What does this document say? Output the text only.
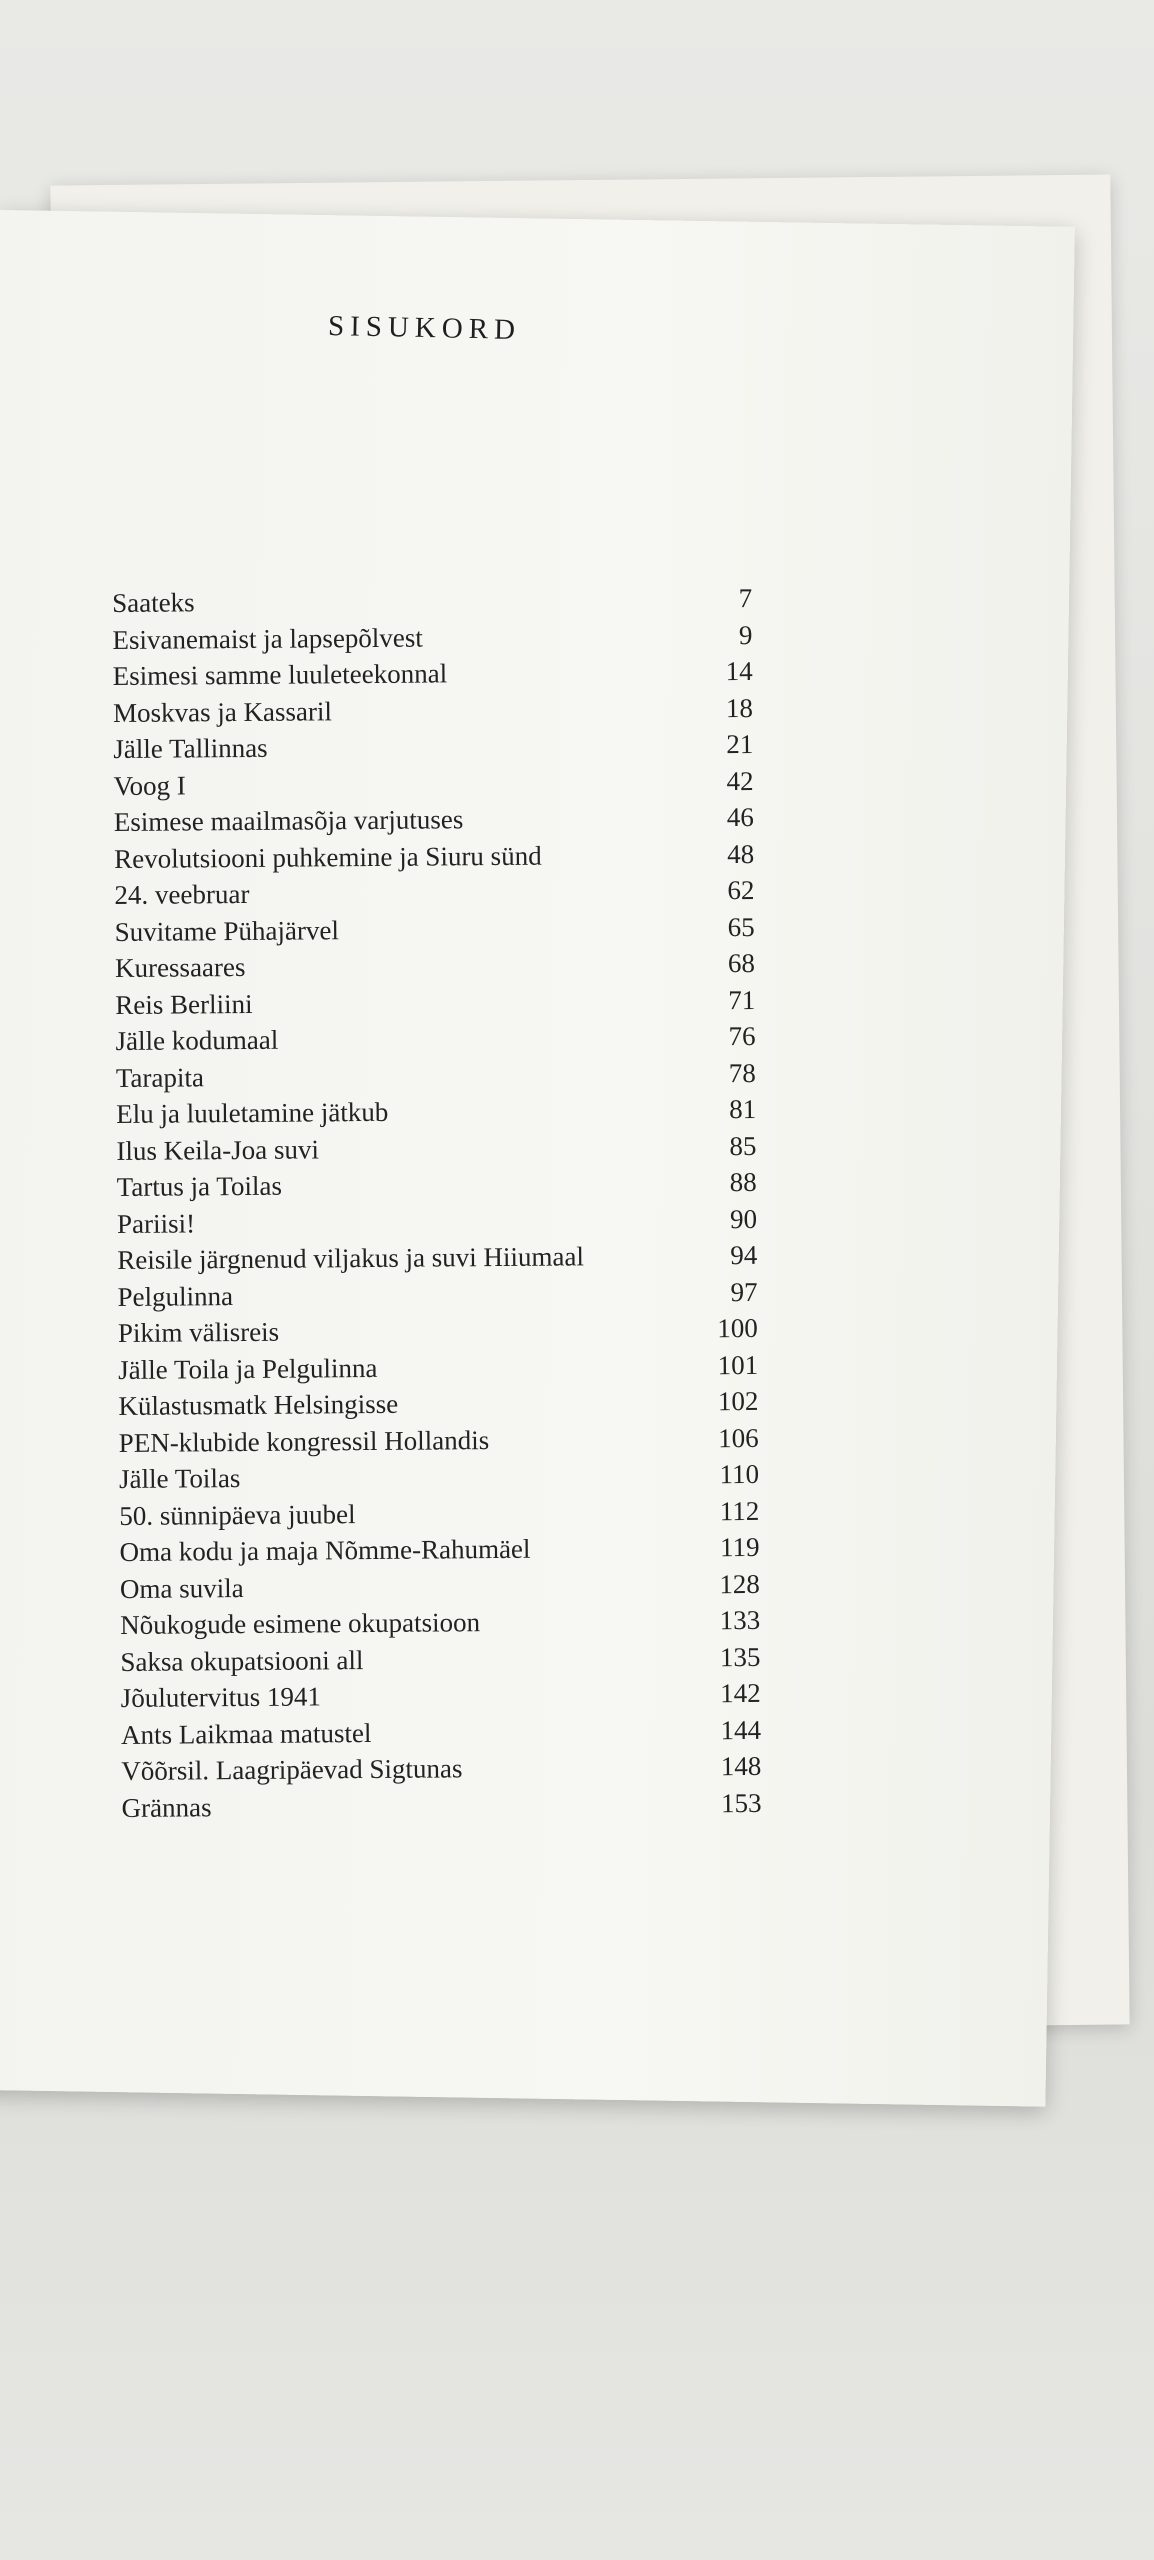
SISUKORD
Saateks	7
Esivanemaist ja lapsepõlvest	9
Esimesi samme luuleteekonnal	14
Moskvas ja Kassaril	18
Jälle Tallinnas	21
Voog I	42
Esimese maailmasõja varjutuses	46
Revolutsiooni puhkemine ja Siuru sünd	48
24. veebruar	62
Suvitame Pühajärvel	65
Kuressaares	68
Reis Berliini	71
Jälle kodumaal	76
Tarapita	78
Elu ja luuletamine jätkub	81
Ilus Keila-Joa suvi	85
Tartus ja Toilas	88
Pariisi!	90
Reisile järgnenud viljakus ja suvi Hiiumaal	94
Pelgulinna	97
Pikim välisreis	100
Jälle Toila ja Pelgulinna	101
Külastusmatk Helsingisse	102
PEN-klubide kongressil Hollandis	106
Jälle Toilas	110
50. sünnipäeva juubel	112
Oma kodu ja maja Nõmme-Rahumäel	119
Oma suvila	128
Nõukogude esimene okupatsioon	133
Saksa okupatsiooni all	135
Jõulutervitus 1941	142
Ants Laikmaa matustel	144
Võõrsil. Laagripäevad Sigtunas	148
Grännas	153
